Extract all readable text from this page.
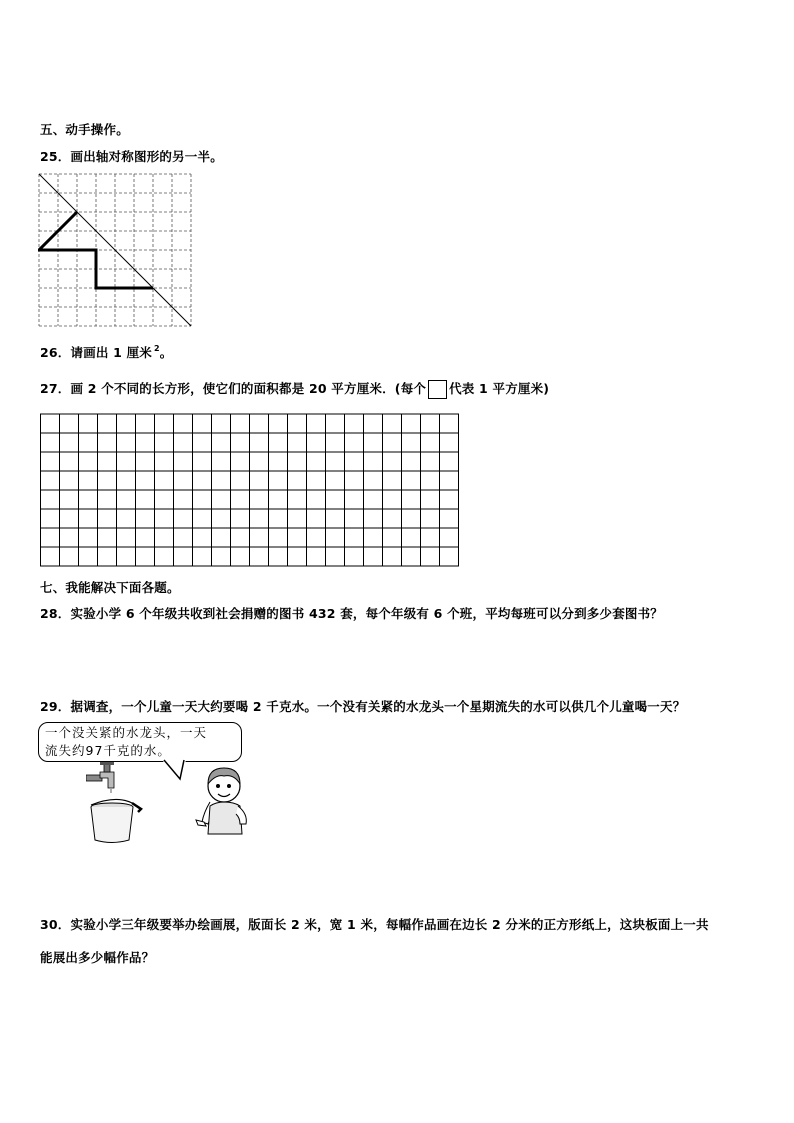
五、动手操作。
25．画出轴对称图形的另一半。
26．请画出 1 厘米 $^2$。
27．画 2 个不同的长方形，使它们的面积都是 20 平方厘米．(每个 代表 1 平方厘米)
七、我能解决下面各题。
28．实验小学 6 个年级共收到社会捐赠的图书 432 套，每个年级有 6 个班，平均每班可以分到多少套图书？
29．据调查，一个儿童一天大约要喝 2 千克水。一个没有关紧的水龙头一个星期流失的水可以供几个儿童喝一天？
一个没关紧的水龙头，一天
流失约97千克的水。
30．实验小学三年级要举办绘画展，版面长 2 米，宽 1 米，每幅作品画在边长 2 分米的正方形纸上，这块板面上一共
能展出多少幅作品？
